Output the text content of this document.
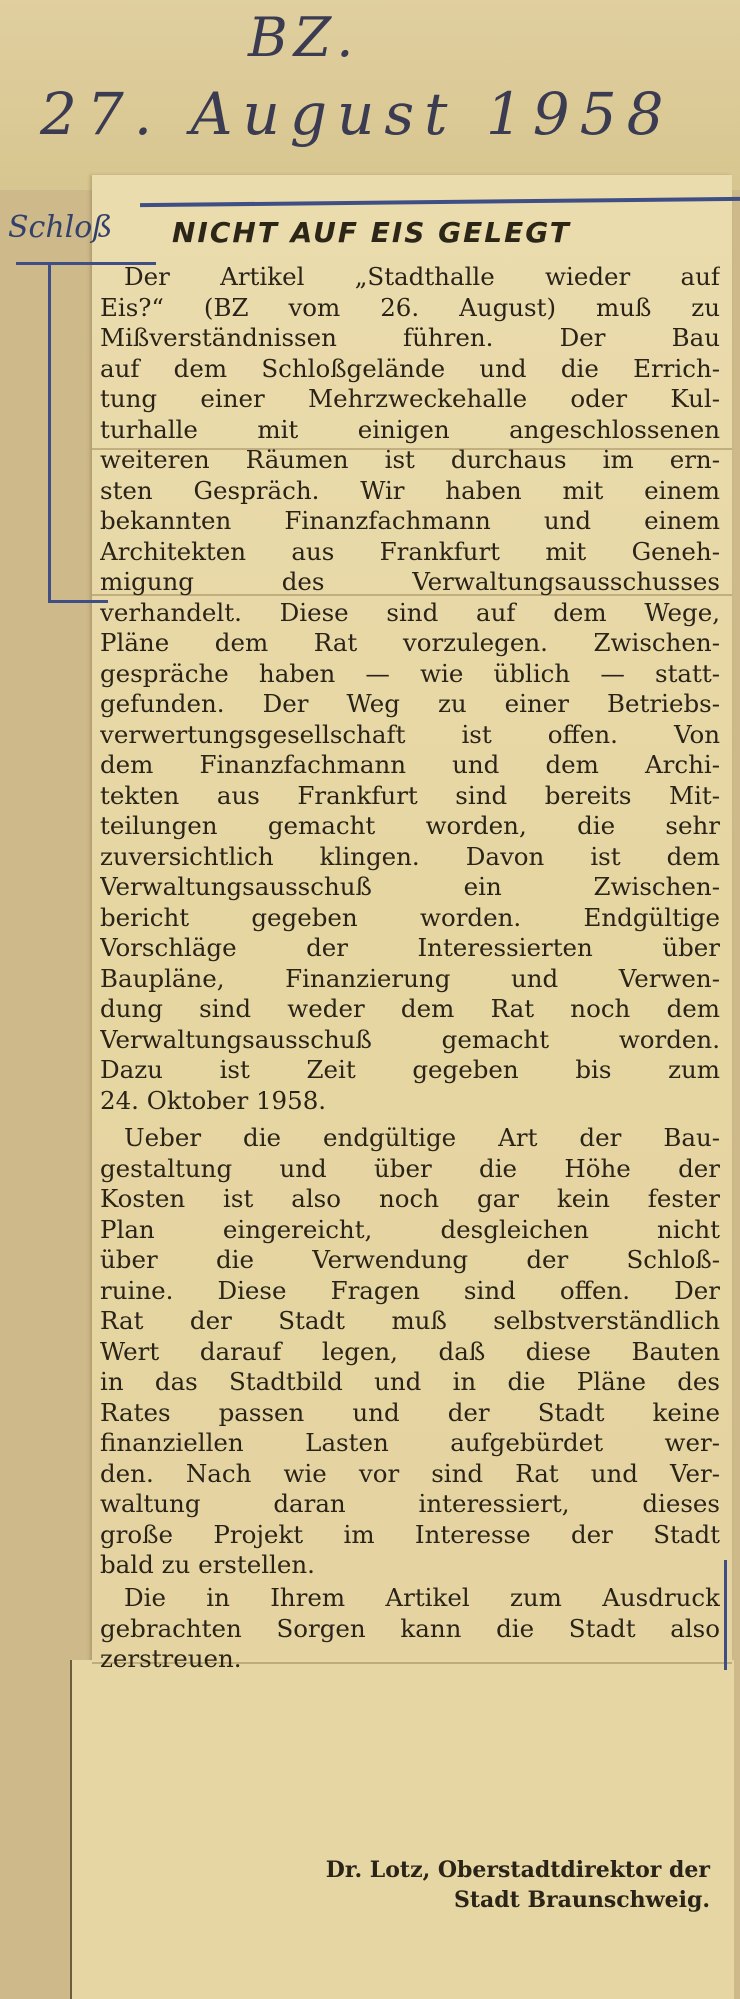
BZ.
27. August 1958
Schloß NICHT AUF EIS GELEGT

Der Artikel „Stadthalle wieder auf
Eis?“ (BZ vom 26. August) muß zu
Mißverständnissen führen. Der Bau
auf dem Schloßgelände und die Errich-
tung einer Mehrzweckehalle oder Kul-
turhalle mit einigen angeschlossenen
weiteren Räumen ist durchaus im ern-
sten Gespräch. Wir haben mit einem
bekannten Finanzfachmann und einem
Architekten aus Frankfurt mit Geneh-
migung des Verwaltungsausschusses
verhandelt. Diese sind auf dem Wege,
Pläne dem Rat vorzulegen. Zwischen-
gespräche haben — wie üblich — statt-
gefunden. Der Weg zu einer Betriebs-
verwertungsgesellschaft ist offen. Von
dem Finanzfachmann und dem Archi-
tekten aus Frankfurt sind bereits Mit-
teilungen gemacht worden, die sehr
zuversichtlich klingen. Davon ist dem
Verwaltungsausschuß ein Zwischen-
bericht gegeben worden. Endgültige
Vorschläge der Interessierten über
Baupläne, Finanzierung und Verwen-
dung sind weder dem Rat noch dem
Verwaltungsausschuß gemacht worden.
Dazu ist Zeit gegeben bis zum
24. Oktober 1958.

Ueber die endgültige Art der Bau-
gestaltung und über die Höhe der
Kosten ist also noch gar kein fester
Plan eingereicht, desgleichen nicht
über die Verwendung der Schloß-
ruine. Diese Fragen sind offen. Der
Rat der Stadt muß selbstverständlich
Wert darauf legen, daß diese Bauten
in das Stadtbild und in die Pläne des
Rates passen und der Stadt keine
finanziellen Lasten aufgebürdet wer-
den. Nach wie vor sind Rat und Ver-
waltung daran interessiert, dieses
große Projekt im Interesse der Stadt
bald zu erstellen.

Die in Ihrem Artikel zum Ausdruck
gebrachten Sorgen kann die Stadt also
zerstreuen.

Dr. Lotz, Oberstadtdirektor der
Stadt Braunschweig.
